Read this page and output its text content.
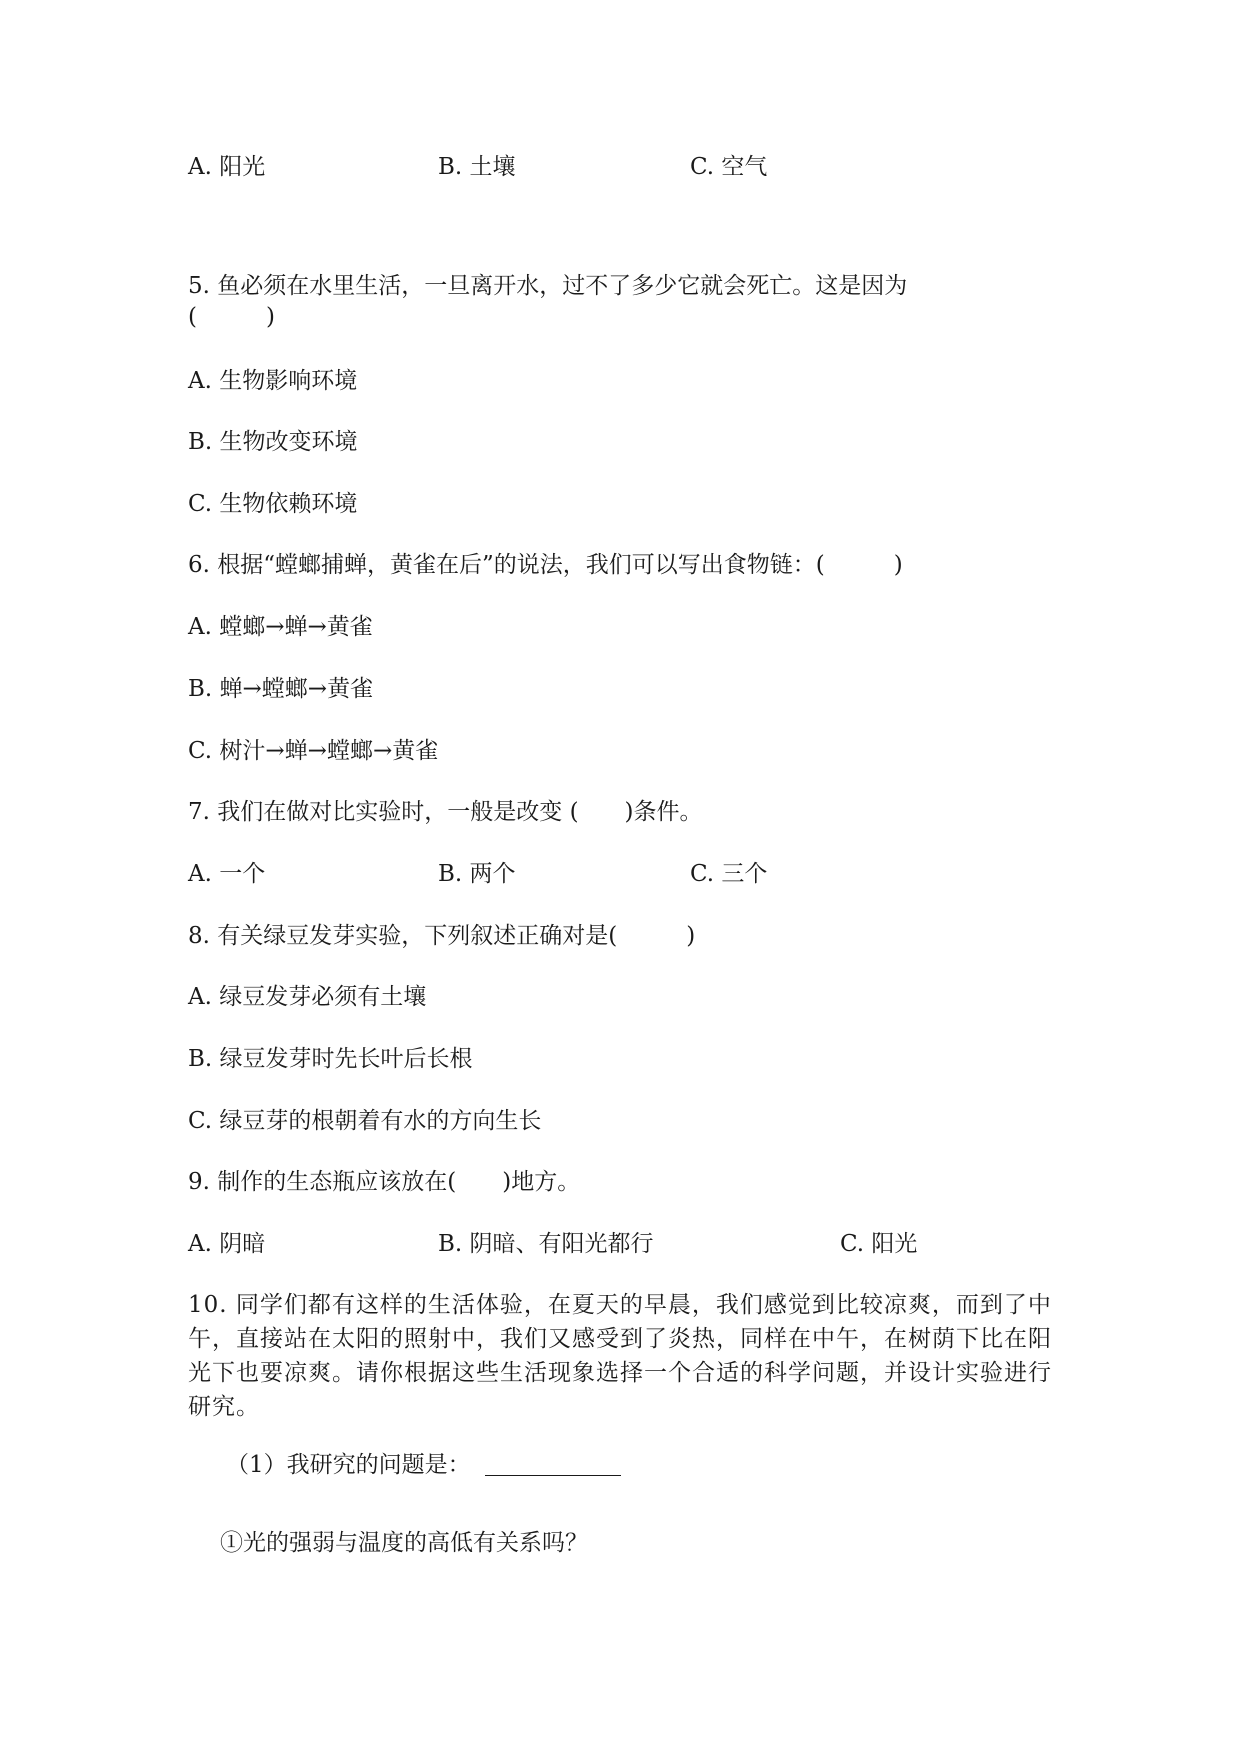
A. 阳光	B. 土壤	C. 空气
5. 鱼必须在水里生活，一旦离开水，过不了多少它就会死亡。这是因为
(　　　)
A. 生物影响环境
B. 生物改变环境
C. 生物依赖环境
6. 根据“螳螂捕蝉，黄雀在后”的说法，我们可以写出食物链：(　　　)
A. 螳螂→蝉→黄雀
B. 蝉→螳螂→黄雀
C. 树汁→蝉→螳螂→黄雀
7. 我们在做对比实验时，一般是改变 (　　)条件。
A. 一个	B. 两个	C. 三个
8. 有关绿豆发芽实验，下列叙述正确对是(　　　)
A. 绿豆发芽必须有土壤
B. 绿豆发芽时先长叶后长根
C. 绿豆芽的根朝着有水的方向生长
9. 制作的生态瓶应该放在(　　)地方。
A. 阴暗	B. 阴暗、有阳光都行	C. 阳光
10. 同学们都有这样的生活体验，在夏天的早晨，我们感觉到比较凉爽，而到了中午，直接站在太阳的照射中，我们又感受到了炎热，同样在中午，在树荫下比在阳光下也要凉爽。请你根据这些生活现象选择一个合适的科学问题，并设计实验进行研究。
（1）我研究的问题是：
①光的强弱与温度的高低有关系吗？
